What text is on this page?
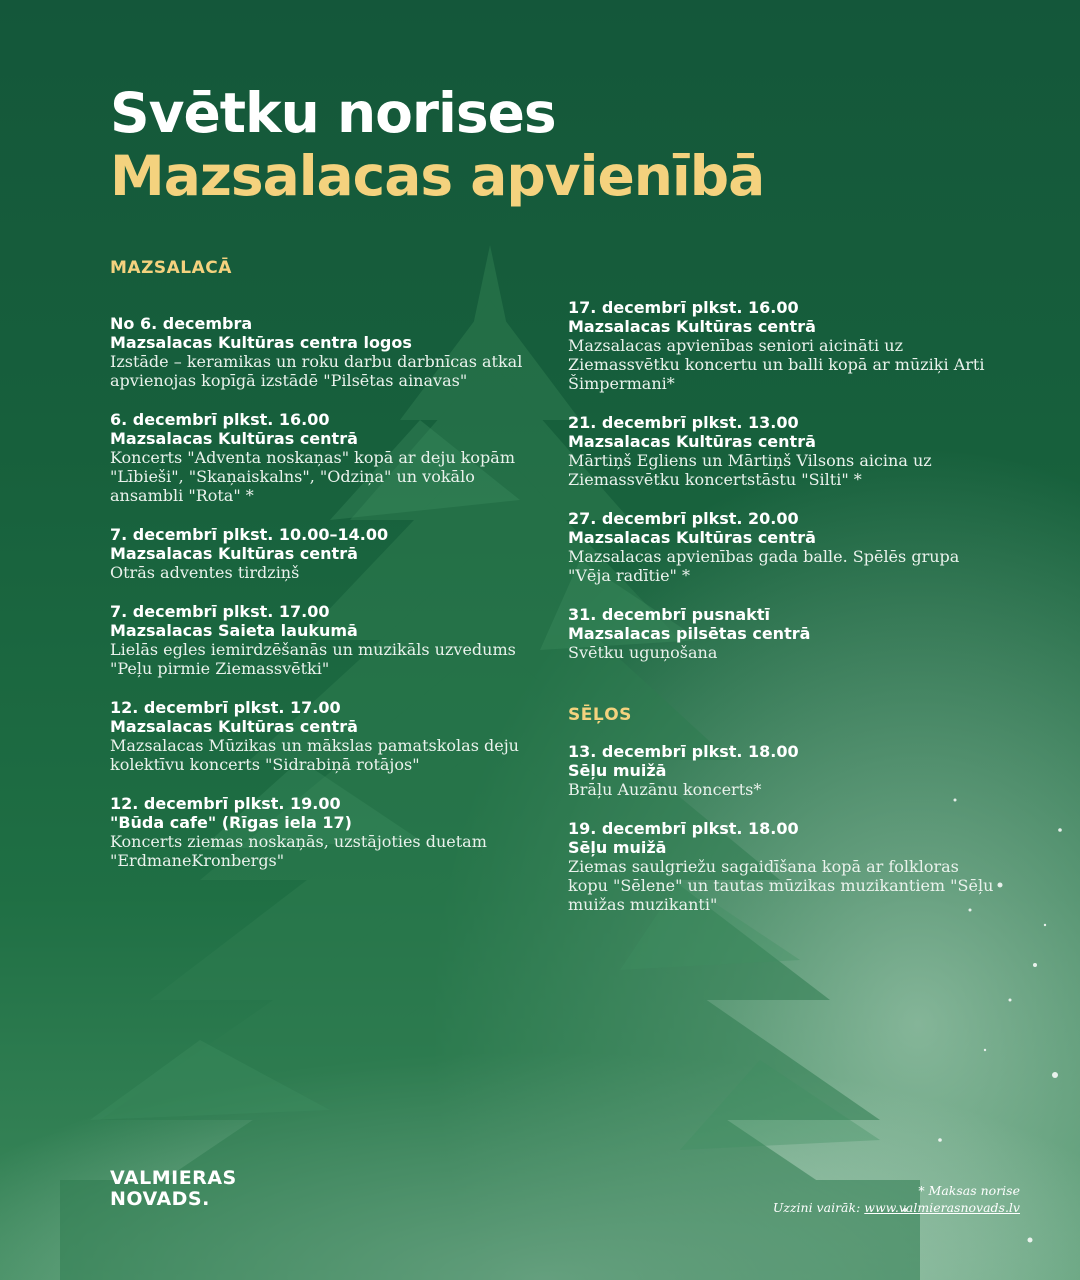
Svētku norises
Mazsalacas apvienībā

MAZSALACĀ

No 6. decembra

Mazsalacas Kultūras centra logos

Izstāde – keramikas un roku darbu darbnīcas atkal apvienojas kopīgā izstādē "Pilsētas ainavas"

6. decembrī plkst. 16.00

Mazsalacas Kultūras centrā

Koncerts "Adventa noskaņas" kopā ar deju kopām "Lībieši", "Skaņaiskalns", "Odziņa" un vokālo ansambli "Rota" *

7. decembrī plkst. 10.00–14.00

Mazsalacas Kultūras centrā

Otrās adventes tirdziņš

7. decembrī plkst. 17.00

Mazsalacas Saieta laukumā

Lielās egles iemirdzēšanās un muzikāls uzvedums "Peļu pirmie Ziemassvētki"

12. decembrī plkst. 17.00

Mazsalacas Kultūras centrā

Mazsalacas Mūzikas un mākslas pamatskolas deju kolektīvu koncerts "Sidrabiņā rotājos"

12. decembrī plkst. 19.00

"Būda cafe" (Rīgas iela 17)

Koncerts ziemas noskaņās, uzstājoties duetam "ErdmaneKronbergs"

17. decembrī plkst. 16.00

Mazsalacas Kultūras centrā

Mazsalacas apvienības seniori aicināti uz Ziemassvētku koncertu un balli kopā ar mūziķi Arti Šimpermani*

21. decembrī plkst. 13.00

Mazsalacas Kultūras centrā

Mārtiņš Egliens un Mārtiņš Vilsons aicina uz Ziemassvētku koncertstāstu "Silti" *

27. decembrī plkst. 20.00

Mazsalacas Kultūras centrā

Mazsalacas apvienības gada balle. Spēlēs grupa "Vēja radītie" *

31. decembrī pusnaktī

Mazsalacas pilsētas centrā

Svētku uguņošana

SĒĻOS

13. decembrī plkst. 18.00

Sēļu muižā

Brāļu Auzānu koncerts*

19. decembrī plkst. 18.00

Sēļu muižā

Ziemas saulgriežu sagaidīšana kopā ar folkloras kopu "Sēlene" un tautas mūzikas muzikantiem "Sēļu muižas muzikanti"

VALMIERAS
NOVADS.	* Maksas norise

Uzzini vairāk: www.valmierasnovads.lv
